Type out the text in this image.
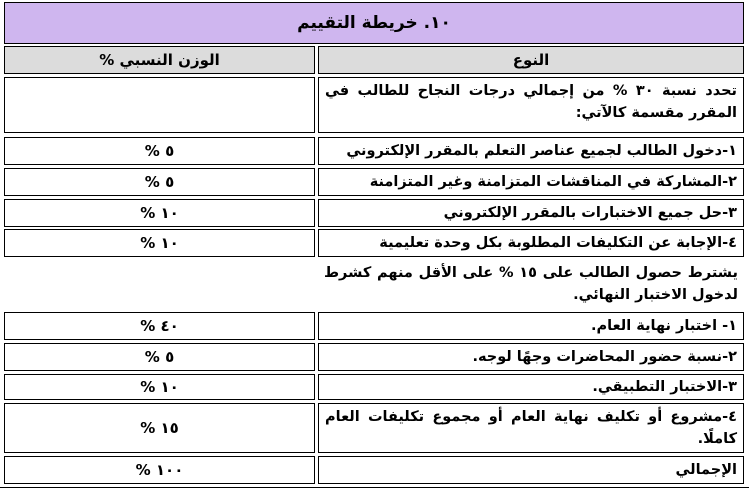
١٠. خريطة التقييم
النوع
الوزن النسبي %
تحدد نسبة ٣٠ % من إجمالي درجات النجاح للطالب في المقرر مقسمة كالآتي:
١-دخول الطالب لجميع عناصر التعلم بالمقرر الإلكتروني
٥ %
٢-المشاركة في المناقشات المتزامنة وغير المتزامنة
٥ %
٣-حل جميع الاختبارات بالمقرر الإلكتروني
١٠ %
٤-الإجابة عن التكليفات المطلوبة بكل وحدة تعليمية
١٠ %
يشترط حصول الطالب على ١٥ % على الأقل منهم كشرط لدخول الاختبار النهائي.
١- اختبار نهاية العام.
٤٠ %
٢-نسبة حضور المحاضرات وجهًا لوجه.
٥ %
٣-الاختبار التطبيقي.
١٠ %
٤-مشروع أو تكليف نهاية العام أو مجموع تكليفات العام كاملًا.
١٥ %
الإجمالي
١٠٠ %
